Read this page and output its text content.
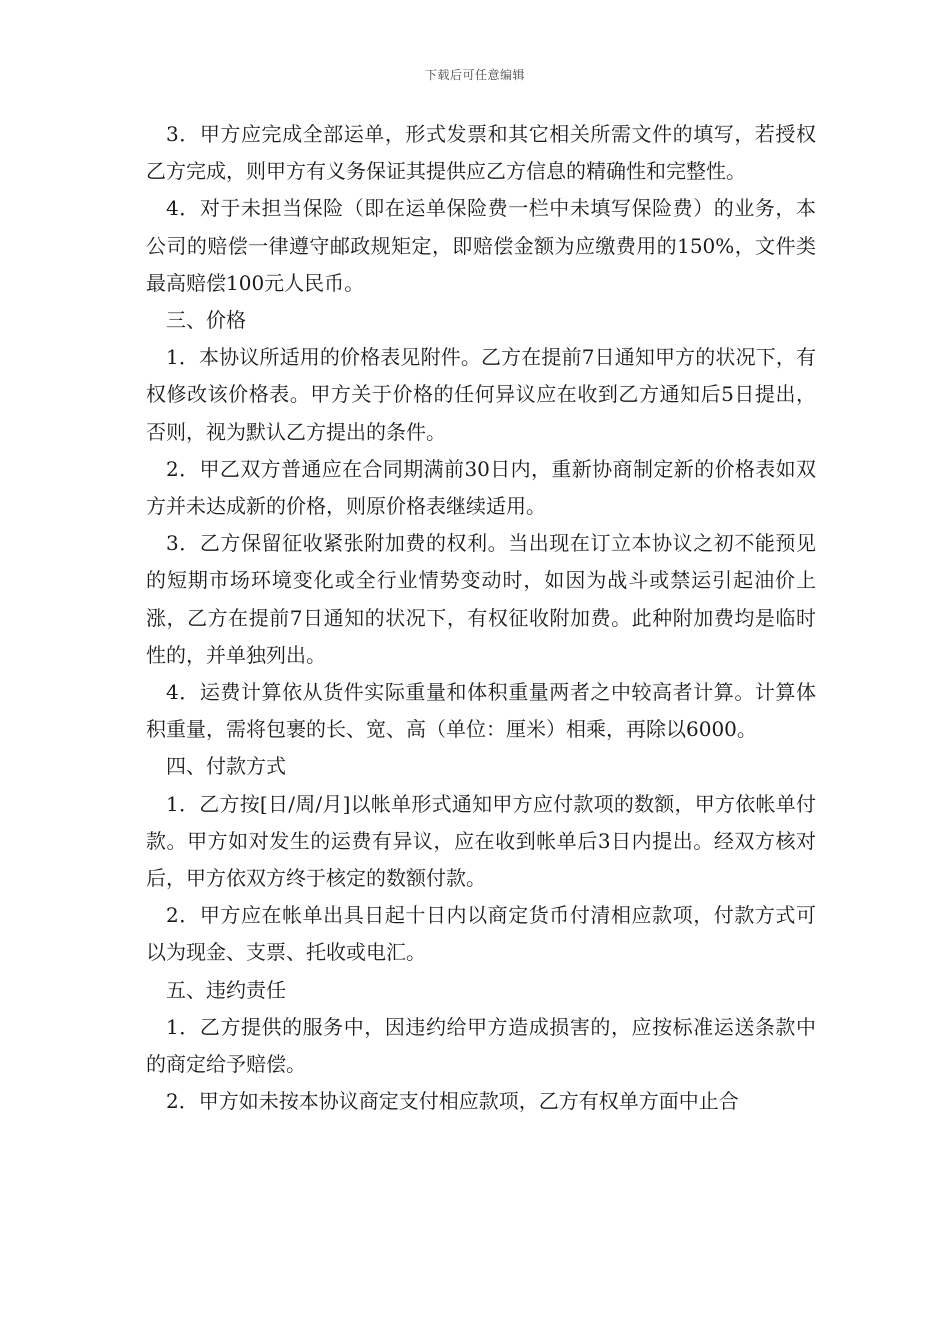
下载后可任意编辑

3．甲方应完成全部运单，形式发票和其它相关所需文件的填写，若授权乙方完成，则甲方有义务保证其提供应乙方信息的精确性和完整性。

4．对于未担当保险（即在运单保险费一栏中未填写保险费）的业务，本公司的赔偿一律遵守邮政规矩定，即赔偿金额为应缴费用的150%，文件类最高赔偿100元人民币。

三、价格

1．本协议所适用的价格表见附件。乙方在提前7日通知甲方的状况下，有权修改该价格表。甲方关于价格的任何异议应在收到乙方通知后5日提出，否则，视为默认乙方提出的条件。

2．甲乙双方普通应在合同期满前30日内，重新协商制定新的价格表如双方并未达成新的价格，则原价格表继续适用。

3．乙方保留征收紧张附加费的权利。当出现在订立本协议之初不能预见的短期市场环境变化或全行业情势变动时，如因为战斗或禁运引起油价上涨，乙方在提前7日通知的状况下，有权征收附加费。此种附加费均是临时性的，并单独列出。

4．运费计算依从货件实际重量和体积重量两者之中较高者计算。计算体积重量，需将包裹的长、宽、高（单位：厘米）相乘，再除以6000。

四、付款方式

1．乙方按[日/周/月]以帐单形式通知甲方应付款项的数额，甲方依帐单付款。甲方如对发生的运费有异议，应在收到帐单后3日内提出。经双方核对后，甲方依双方终于核定的数额付款。

2．甲方应在帐单出具日起十日内以商定货币付清相应款项，付款方式可以为现金、支票、托收或电汇。

五、违约责任

1．乙方提供的服务中，因违约给甲方造成损害的，应按标准运送条款中的商定给予赔偿。

2．甲方如未按本协议商定支付相应款项，乙方有权单方面中止合
